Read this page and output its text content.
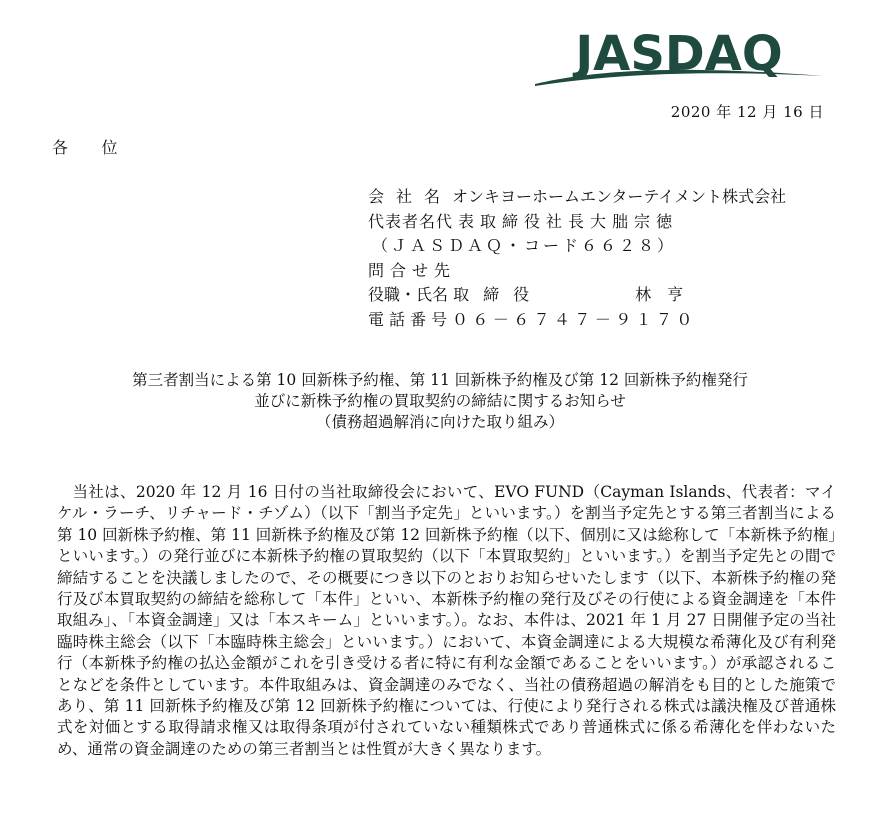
JASDAQ
2020 年 12 月 16 日
各　　位
会社名オンキヨーホームエンターテイメント株式会社
代表者名代表取締役社長大朏宗徳
（ＪＡＳＤＡＱ・コード６６２８）
問合せ先
役職・氏名 取締役	林亨
電話番号０６－６７４７－９１７０
第三者割当による第 10 回新株予約権、第 11 回新株予約権及び第 12 回新株予約権発行
並びに新株予約権の買取契約の締結に関するお知らせ
（債務超過解消に向けた取り組み）
当社は、2020 年 12 月 16 日付の当社取締役会において、EVO FUND（Cayman Islands、代表者：マイケル・ラーチ、リチャード・チゾム）（以下「割当予定先」といいます。）を割当予定先とする第三者割当による第 10 回新株予約権、第 11 回新株予約権及び第 12 回新株予約権（以下、個別に又は総称して「本新株予約権」といいます。）の発行並びに本新株予約権の買取契約（以下「本買取契約」といいます。）を割当予定先との間で締結することを決議しましたので、その概要につき以下のとおりお知らせいたします（以下、本新株予約権の発行及び本買取契約の締結を総称して「本件」といい、本新株予約権の発行及びその行使による資金調達を「本件取組み」、「本資金調達」又は「本スキーム」といいます。）。なお、本件は、2021 年 1 月 27 日開催予定の当社臨時株主総会（以下「本臨時株主総会」といいます。）において、本資金調達による大規模な希薄化及び有利発行（本新株予約権の払込金額がこれを引き受ける者に特に有利な金額であることをいいます。）が承認されることなどを条件としています。本件取組みは、資金調達のみでなく、当社の債務超過の解消をも目的とした施策であり、第 11 回新株予約権及び第 12 回新株予約権については、行使により発行される株式は議決権及び普通株式を対価とする取得請求権又は取得条項が付されていない種類株式であり普通株式に係る希薄化を伴わないため、通常の資金調達のための第三者割当とは性質が大きく異なります。
